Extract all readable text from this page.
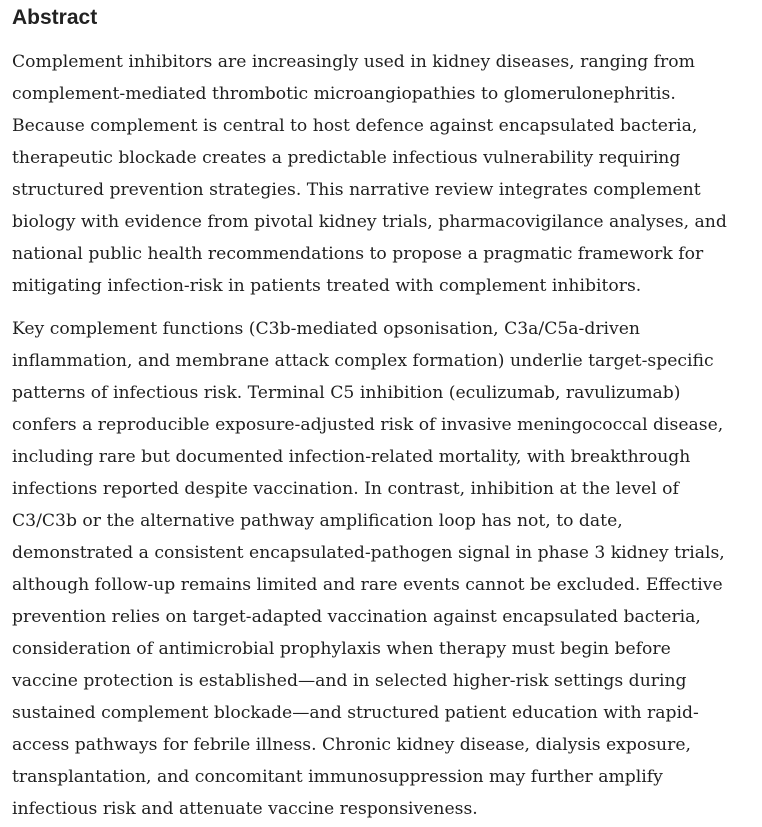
Abstract

Complement inhibitors are increasingly used in kidney diseases, ranging from
complement-mediated thrombotic microangiopathies to glomerulonephritis.
Because complement is central to host defence against encapsulated bacteria,
therapeutic blockade creates a predictable infectious vulnerability requiring
structured prevention strategies. This narrative review integrates complement
biology with evidence from pivotal kidney trials, pharmacovigilance analyses, and
national public health recommendations to propose a pragmatic framework for
mitigating infection-risk in patients treated with complement inhibitors.

Key complement functions (C3b-mediated opsonisation, C3a/C5a-driven
inflammation, and membrane attack complex formation) underlie target-specific
patterns of infectious risk. Terminal C5 inhibition (eculizumab, ravulizumab)
confers a reproducible exposure-adjusted risk of invasive meningococcal disease,
including rare but documented infection-related mortality, with breakthrough
infections reported despite vaccination. In contrast, inhibition at the level of
C3/C3b or the alternative pathway amplification loop has not, to date,
demonstrated a consistent encapsulated-pathogen signal in phase 3 kidney trials,
although follow-up remains limited and rare events cannot be excluded. Effective
prevention relies on target-adapted vaccination against encapsulated bacteria,
consideration of antimicrobial prophylaxis when therapy must begin before
vaccine protection is established—and in selected higher-risk settings during
sustained complement blockade—and structured patient education with rapid-
access pathways for febrile illness. Chronic kidney disease, dialysis exposure,
transplantation, and concomitant immunosuppression may further amplify
infectious risk and attenuate vaccine responsiveness.
